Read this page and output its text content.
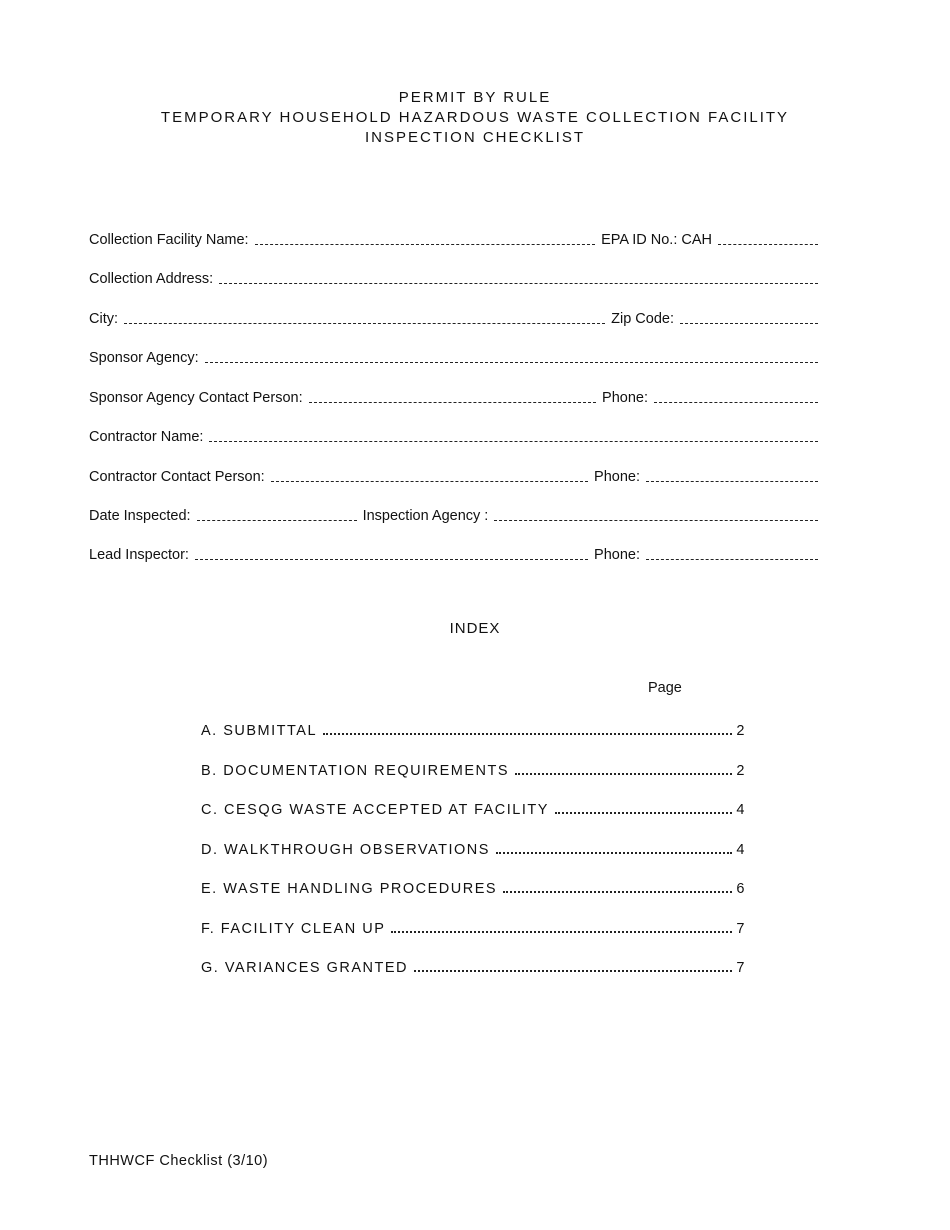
PERMIT BY RULE
TEMPORARY HOUSEHOLD HAZARDOUS WASTE COLLECTION FACILITY
INSPECTION CHECKLIST
Collection Facility Name:	EPA ID No.: CAH
Collection Address:
City:	Zip Code:
Sponsor Agency:
Sponsor Agency Contact Person:	Phone:
Contractor Name:
Contractor Contact Person:	Phone:
Date Inspected:	Inspection Agency :
Lead Inspector:	Phone:
INDEX
Page
A. SUBMITTAL	2
B. DOCUMENTATION REQUIREMENTS	2
C. CESQG WASTE ACCEPTED AT FACILITY	4
D. WALKTHROUGH OBSERVATIONS	4
E. WASTE HANDLING PROCEDURES	6
F. FACILITY CLEAN UP	7
G. VARIANCES GRANTED	7
THHWCF Checklist (3/10)
